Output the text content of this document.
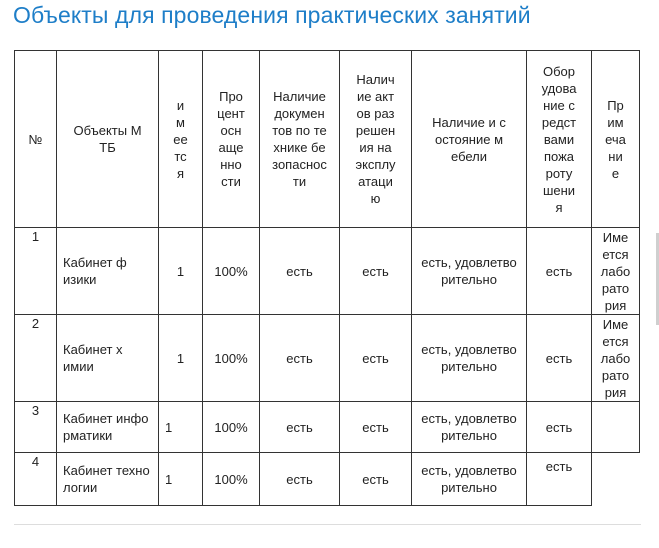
Объекты для проведения практических занятий
№	Объекты МТБ	имеется	Процент оснащенности	Наличие документов по технике безопасности	Наличие актов разрешения на эксплуатацию	Наличие и состояние мебели	Оборудование средствами пожаротушения	Примечание
1	Кабинет физики	1	100%	есть	есть	есть, удовлетворительно	есть	Имеется лаборатория
2	Кабинет химии	1	100%	есть	есть	есть, удовлетворительно	есть	Имеется лаборатория
3	Кабинет информатики	1	100%	есть	есть	есть, удовлетворительно	есть	
4	Кабинет технологии	1	100%	есть	есть	есть, удовлетворительно	есть	
